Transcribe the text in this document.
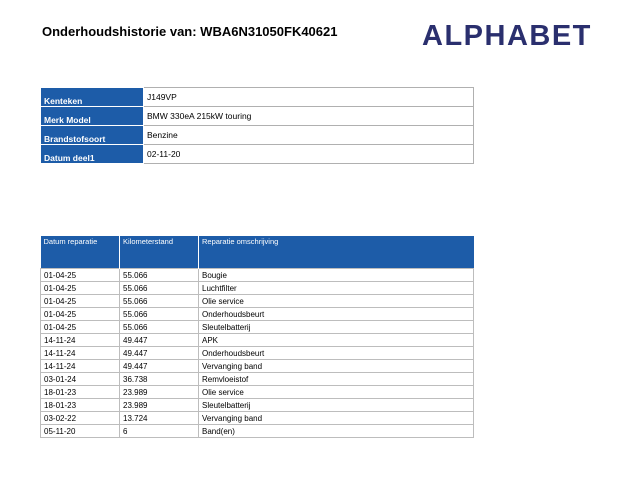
Onderhoudshistorie van: WBA6N31050FK40621	ALPHABET
Kenteken	J149VP
Merk Model	BMW 330eA 215kW touring
Brandstofsoort	Benzine
Datum deel1	02-11-20
Datum reparatie	Kilometerstand	Reparatie omschrijving
01-04-25	55.066	Bougie
01-04-25	55.066	Luchtfilter
01-04-25	55.066	Olie service
01-04-25	55.066	Onderhoudsbeurt
01-04-25	55.066	Sleutelbatterij
14-11-24	49.447	APK
14-11-24	49.447	Onderhoudsbeurt
14-11-24	49.447	Vervanging band
03-01-24	36.738	Remvloeistof
18-01-23	23.989	Olie service
18-01-23	23.989	Sleutelbatterij
03-02-22	13.724	Vervanging band
05-11-20	6	Band(en)
